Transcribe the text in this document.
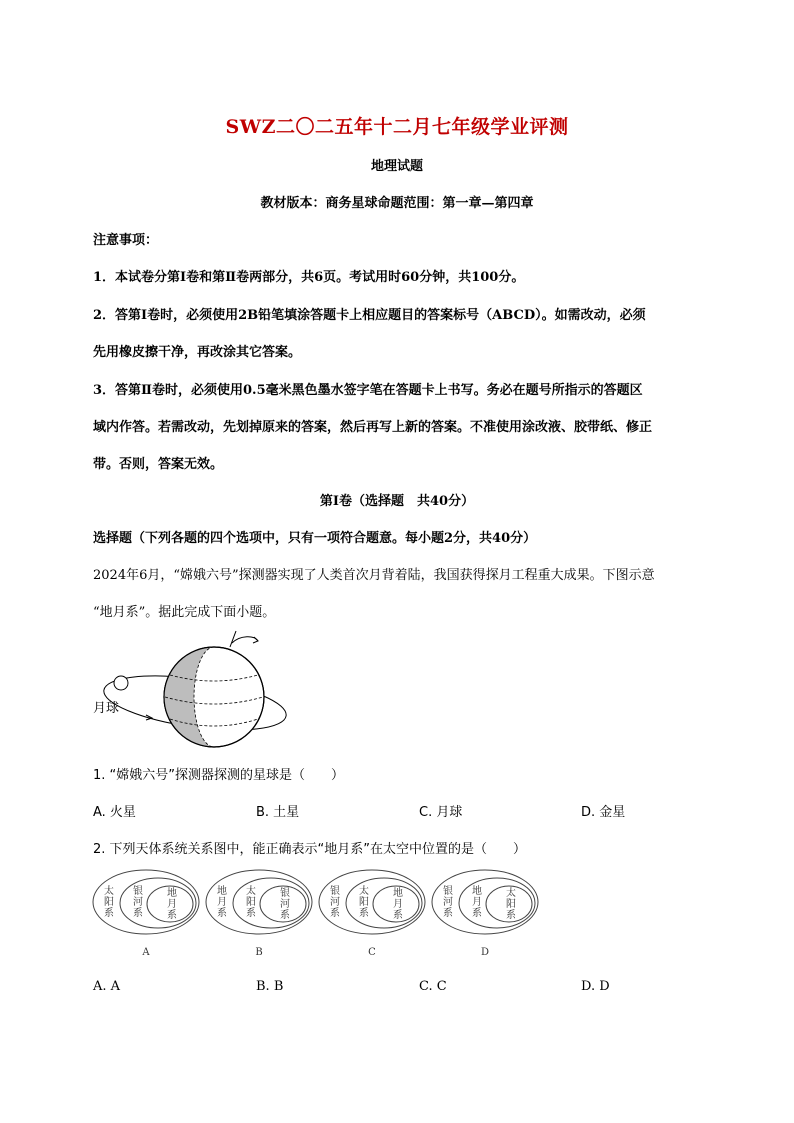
SWZ二〇二五年十二月七年级学业评测
地理试题
教材版本：商务星球命题范围：第一章—第四章
注意事项：
1．本试卷分第Ⅰ卷和第Ⅱ卷两部分，共6页。考试用时60分钟，共100分。
2．答第Ⅰ卷时，必须使用2B铅笔填涂答题卡上相应题目的答案标号（ABCD）。如需改动，必须
先用橡皮擦干净，再改涂其它答案。
3．答第Ⅱ卷时，必须使用0.5毫米黑色墨水签字笔在答题卡上书写。务必在题号所指示的答题区
域内作答。若需改动，先划掉原来的答案，然后再写上新的答案。不准使用涂改液、胶带纸、修正
带。否则，答案无效。
第Ⅰ卷（选择题　共40分）
选择题（下列各题的四个选项中，只有一项符合题意。每小题2分，共40分）
2024年6月，“嫦娥六号”探测器实现了人类首次月背着陆，我国获得探月工程重大成果。下图示意
“地月系”。据此完成下面小题。
月球
1. “嫦娥六号”探测器探测的星球是（　　）
A. 火星	B. 土星	C. 月球	D. 金星
2. 下列天体系统关系图中，能正确表示“地月系”在太空中位置的是（　　）
太阳系
银河系
地月系
A
地月系
太阳系
银河系
B
银河系
太阳系
地月系
C
银河系
地月系
太阳系
D
A. A	B. B	C. C	D. D
